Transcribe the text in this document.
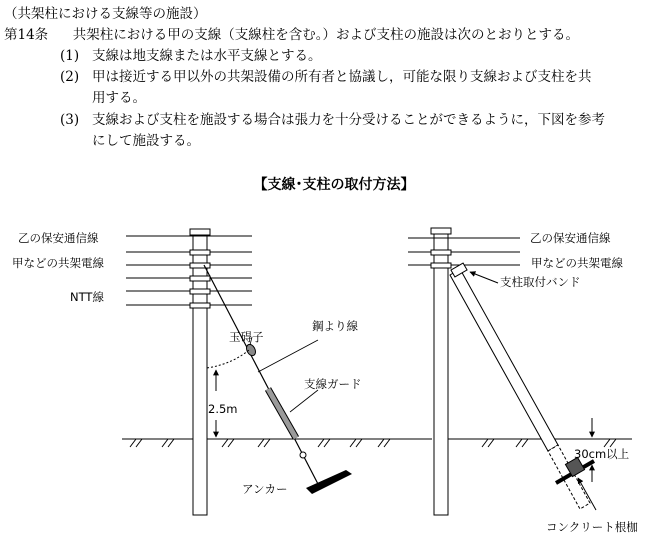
（共架柱における支線等の施設）
第14条 共架柱における甲の支線（支線柱を含む。）および支柱の施設は次のとおりとする。
(1) 支線は地支線または水平支線とする。
(2) 甲は接近する甲以外の共架設備の所有者と協議し，可能な限り支線および支柱を共
用する。
(3) 支線および支柱を施設する場合は張力を十分受けることができるように，下図を参考
にして施設する。
【支線･支柱の取付方法】
乙の保安通信線
甲などの共架電線
NTT線
玉碍子
鋼より線
支線ガード
2.5m
アンカー
乙の保安通信線
甲などの共架電線
支柱取付バンド
30cm以上
コンクリート根枷
